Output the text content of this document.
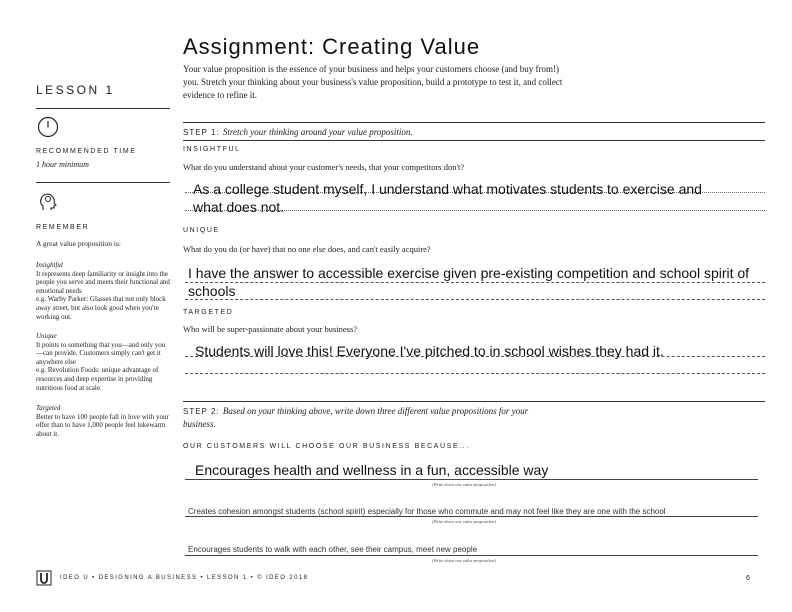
Assignment: Creating Value
Your value proposition is the essence of your business and helps your customers choose (and buy from!) you. Stretch your thinking about your business's value proposition, build a prototype to test it, and collect evidence to refine it.
LESSON 1
RECOMMENDED TIME
1 hour minimum
REMEMBER
A great value proposition is:
Insightful
It represents deep familiarity or insight into the people you serve and meets their functional and emotional needs
e.g. Warby Parker: Glasses that not only block away street, but also look good when you're working out.
Unique
It points to something that you—and only you—can provide. Customers simply can't get it anywhere else
e.g. Revolution Foods: unique advantage of resources and deep expertise in providing nutritious food at scale.
Targeted
Better to have 100 people fall in love with your offer than to have 1,000 people feel lukewarm about it.
STEP 1: Stretch your thinking around your value proposition.
INSIGHTFUL
What do you understand about your customer's needs, that your competitors don't?
As a college student myself, I understand what motivates students to exercise and what does not.
UNIQUE
What do you do (or have) that no one else does, and can't easily acquire?
I have the answer to accessible exercise given pre-existing competition and school spirit of schools
TARGETED
Who will be super-passionate about your business?
Students will love this! Everyone I've pitched to in school wishes they had it.
STEP 2: Based on your thinking above, write down three different value propositions for your business.
OUR CUSTOMERS WILL CHOOSE OUR BUSINESS BECAUSE...
Encourages health and wellness in a fun, accessible way
(Write down one value proposition)
Creates cohesion amongst students (school spirit) especially for those who commute and may not feel like they are one with the school
(Write down one value proposition)
Encourages students to walk with each other, see their campus, meet new people
(Write down one value proposition)
IDEO U • DESIGNING A BUSINESS • LESSON 1 • © IDEO 2018	6
